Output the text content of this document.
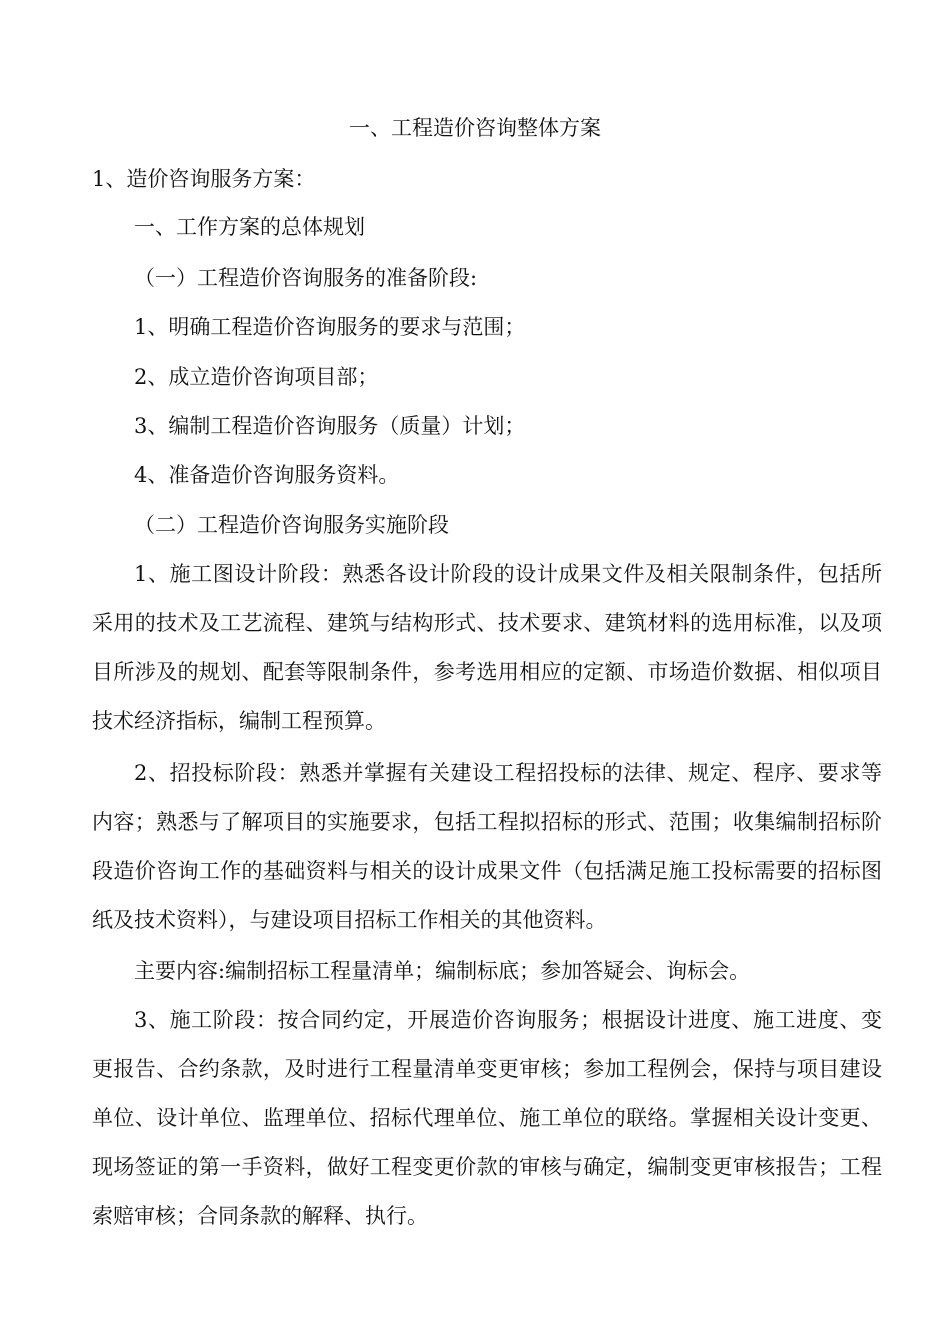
一、工程造价咨询整体方案

1、造价咨询服务方案：

一、工作方案的总体规划

（一）工程造价咨询服务的准备阶段:

1、明确工程造价咨询服务的要求与范围；

2、成立造价咨询项目部；

3、编制工程造价咨询服务（质量）计划；

4、准备造价咨询服务资料。

（二）工程造价咨询服务实施阶段

1、施工图设计阶段：熟悉各设计阶段的设计成果文件及相关限制条件，包括所采用的技术及工艺流程、建筑与结构形式、技术要求、建筑材料的选用标准，以及项目所涉及的规划、配套等限制条件，参考选用相应的定额、市场造价数据、相似项目技术经济指标，编制工程预算。

2、招投标阶段：熟悉并掌握有关建设工程招投标的法律、规定、程序、要求等内容；熟悉与了解项目的实施要求，包括工程拟招标的形式、范围；收集编制招标阶段造价咨询工作的基础资料与相关的设计成果文件（包括满足施工投标需要的招标图纸及技术资料），与建设项目招标工作相关的其他资料。

主要内容:编制招标工程量清单；编制标底；参加答疑会、询标会。

3、施工阶段：按合同约定，开展造价咨询服务；根据设计进度、施工进度、变更报告、合约条款，及时进行工程量清单变更审核；参加工程例会，保持与项目建设单位、设计单位、监理单位、招标代理单位、施工单位的联络。掌握相关设计变更、现场签证的第一手资料，做好工程变更价款的审核与确定，编制变更审核报告；工程索赔审核；合同条款的解释、执行。
